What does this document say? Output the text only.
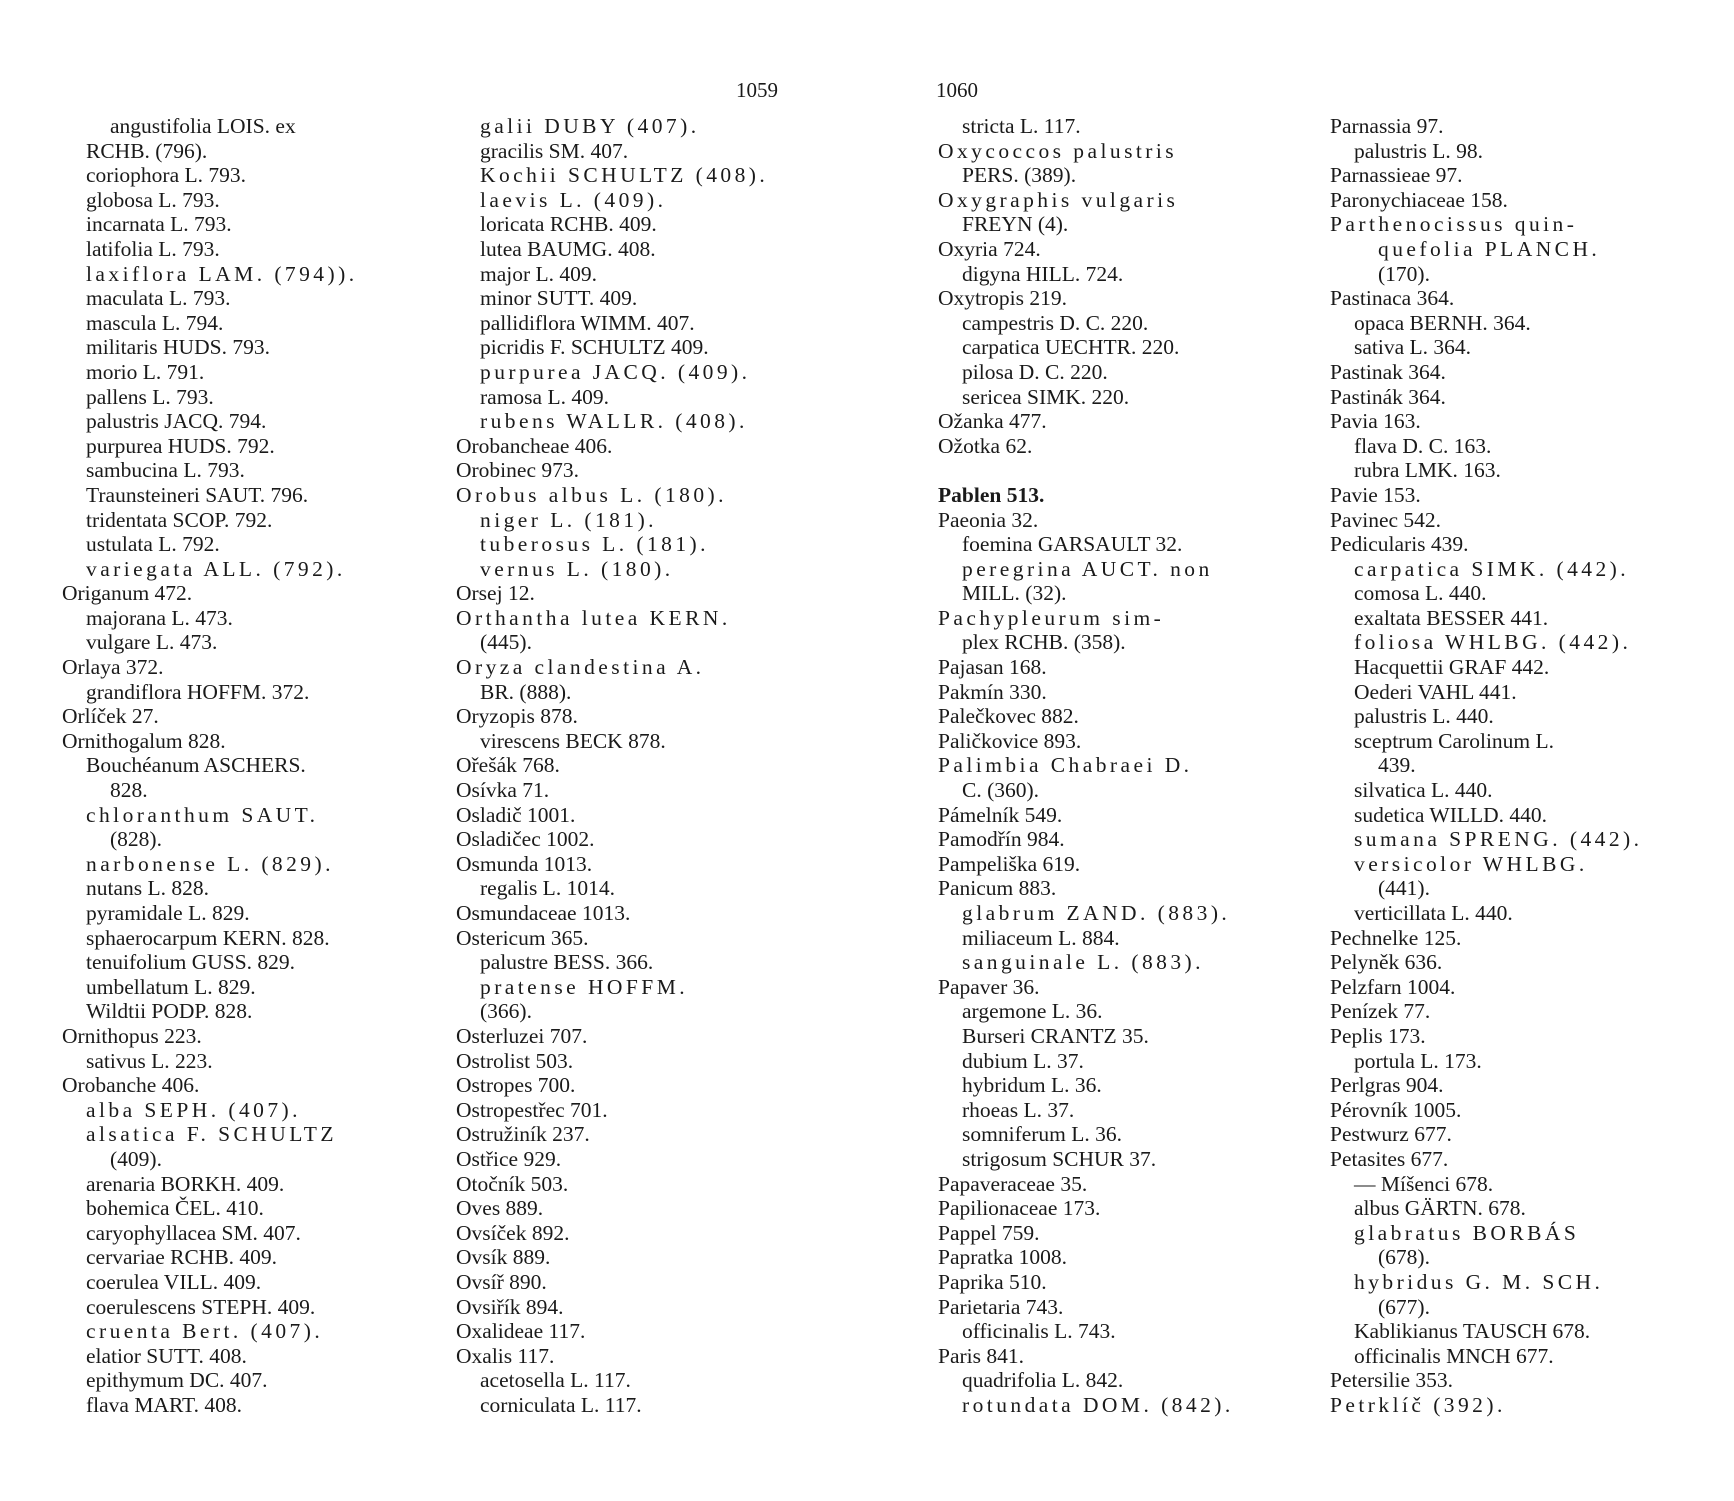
1059	1060
angustifolia LOIS. ex
RCHB. (796).
coriophora L. 793.
globosa L. 793.
incarnata L. 793.
latifolia L. 793.
laxiflora LAM. (794)).
maculata L. 793.
mascula L. 794.
militaris HUDS. 793.
morio L. 791.
pallens L. 793.
palustris JACQ. 794.
purpurea HUDS. 792.
sambucina L. 793.
Traunsteineri SAUT. 796.
tridentata SCOP. 792.
ustulata L. 792.
variegata ALL. (792).
Origanum 472.
majorana L. 473.
vulgare L. 473.
Orlaya 372.
grandiflora HOFFM. 372.
Orlíček 27.
Ornithogalum 828.
Bouchéanum ASCHERS.
828.
chloranthum SAUT.
(828).
narbonense L. (829).
nutans L. 828.
pyramidale L. 829.
sphaerocarpum KERN. 828.
tenuifolium GUSS. 829.
umbellatum L. 829.
Wildtii PODP. 828.
Ornithopus 223.
sativus L. 223.
Orobanche 406.
alba SEPH. (407).
alsatica F. SCHULTZ
(409).
arenaria BORKH. 409.
bohemica ČEL. 410.
caryophyllacea SM. 407.
cervariae RCHB. 409.
coerulea VILL. 409.
coerulescens STEPH. 409.
cruenta Bert. (407).
elatior SUTT. 408.
epithymum DC. 407.
flava MART. 408.
galii DUBY (407).
gracilis SM. 407.
Kochii SCHULTZ (408).
laevis L. (409).
loricata RCHB. 409.
lutea BAUMG. 408.
major L. 409.
minor SUTT. 409.
pallidiflora WIMM. 407.
picridis F. SCHULTZ 409.
purpurea JACQ. (409).
ramosa L. 409.
rubens WALLR. (408).
Orobancheae 406.
Orobinec 973.
Orobus albus L. (180).
niger L. (181).
tuberosus L. (181).
vernus L. (180).
Orsej 12.
Orthantha lutea KERN.
(445).
Oryza clandestina A.
BR. (888).
Oryzopis 878.
virescens BECK 878.
Ořešák 768.
Osívka 71.
Osladič 1001.
Osladičec 1002.
Osmunda 1013.
regalis L. 1014.
Osmundaceae 1013.
Ostericum 365.
palustre BESS. 366.
pratense HOFFM.
(366).
Osterluzei 707.
Ostrolist 503.
Ostropes 700.
Ostropestřec 701.
Ostružiník 237.
Ostřice 929.
Otočník 503.
Oves 889.
Ovsíček 892.
Ovsík 889.
Ovsíř 890.
Ovsiřík 894.
Oxalideae 117.
Oxalis 117.
acetosella L. 117.
corniculata L. 117.
stricta L. 117.
Oxycoccos palustris
PERS. (389).
Oxygraphis vulgaris
FREYN (4).
Oxyria 724.
digyna HILL. 724.
Oxytropis 219.
campestris D. C. 220.
carpatica UECHTR. 220.
pilosa D. C. 220.
sericea SIMK. 220.
Ožanka 477.
Ožotka 62.
Pablen 513.
Paeonia 32.
foemina GARSAULT 32.
peregrina AUCT. non
MILL. (32).
Pachypleurum sim-
plex RCHB. (358).
Pajasan 168.
Pakmín 330.
Palečkovec 882.
Paličkovice 893.
Palimbia Chabraei D.
C. (360).
Pámelník 549.
Pamodřín 984.
Pampeliška 619.
Panicum 883.
glabrum ZAND. (883).
miliaceum L. 884.
sanguinale L. (883).
Papaver 36.
argemone L. 36.
Burseri CRANTZ 35.
dubium L. 37.
hybridum L. 36.
rhoeas L. 37.
somniferum L. 36.
strigosum SCHUR 37.
Papaveraceae 35.
Papilionaceae 173.
Pappel 759.
Papratka 1008.
Paprika 510.
Parietaria 743.
officinalis L. 743.
Paris 841.
quadrifolia L. 842.
rotundata DOM. (842).
Parnassia 97.
palustris L. 98.
Parnassieae 97.
Paronychiaceae 158.
Parthenocissus quin-
quefolia PLANCH.
(170).
Pastinaca 364.
opaca BERNH. 364.
sativa L. 364.
Pastinak 364.
Pastinák 364.
Pavia 163.
flava D. C. 163.
rubra LMK. 163.
Pavie 153.
Pavinec 542.
Pedicularis 439.
carpatica SIMK. (442).
comosa L. 440.
exaltata BESSER 441.
foliosa WHLBG. (442).
Hacquettii GRAF 442.
Oederi VAHL 441.
palustris L. 440.
sceptrum Carolinum L.
439.
silvatica L. 440.
sudetica WILLD. 440.
sumana SPRENG. (442).
versicolor WHLBG.
(441).
verticillata L. 440.
Pechnelke 125.
Pelyněk 636.
Pelzfarn 1004.
Penízek 77.
Peplis 173.
portula L. 173.
Perlgras 904.
Pérovník 1005.
Pestwurz 677.
Petasites 677.
— Míšenci 678.
albus GÄRTN. 678.
glabratus BORBÁS
(678).
hybridus G. M. SCH.
(677).
Kablikianus TAUSCH 678.
officinalis MNCH 677.
Petersilie 353.
Petrklíč (392).
